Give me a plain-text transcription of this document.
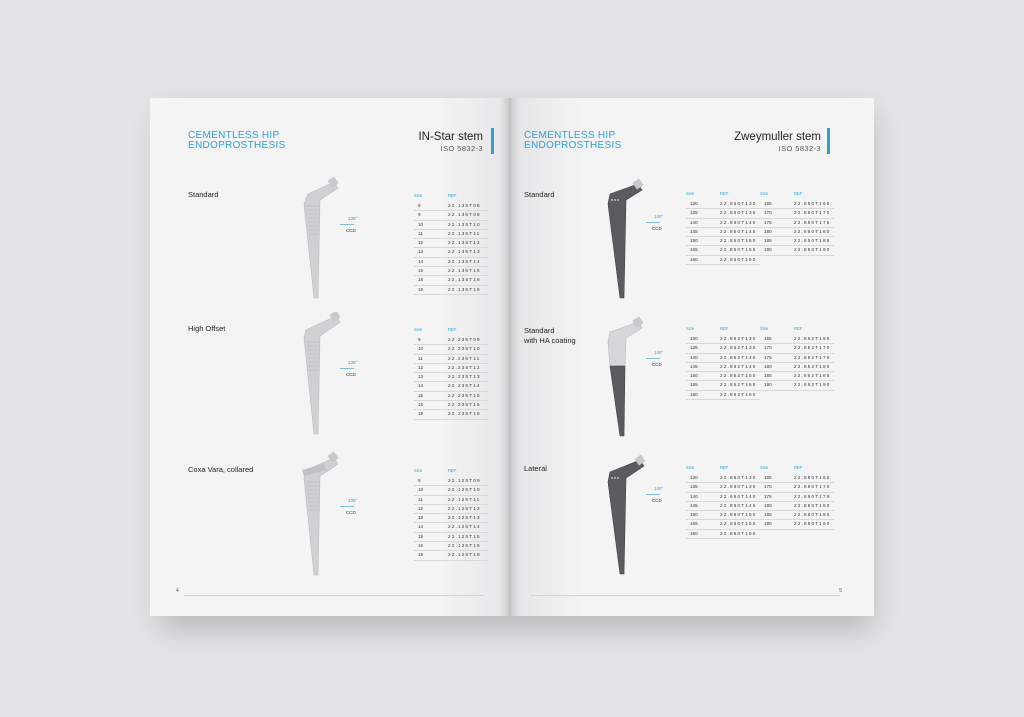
CEMENTLESS HIP
ENDOPROSTHESIS
IN-Star stem
ISO 5832-3
Standard
135°
CCD
Size	REF
8	22.135T08
9	22.135T09
10	22.135T10
11	22.135T11
12	22.135T12
13	22.135T13
14	22.135T14
15	22.135T15
16	22.135T16
18	22.135T18
High Offset
135°
CCD
Size	REF
9	22.235T09
10	22.235T10
11	22.235T11
12	22.235T12
13	22.235T13
14	22.235T14
15	22.235T15
16	22.235T16
18	22.235T18
Coxa Vara, collared
135°
CCD
Size	REF
9	22.125T09
10	22.125T10
11	22.125T11
12	22.125T12
13	22.125T13
14	22.125T14
15	22.125T15
16	22.125T16
18	22.125T18
4
CEMENTLESS HIP
ENDOPROSTHESIS
Zweymuller stem
ISO 5832-3
Standard
130°
CCD
Size	REF
130	22.850T130
135	22.850T135
140	22.850T140
145	22.850T145
150	22.850T150
155	22.850T155
160	22.850T160
Size	REF
165	22.850T165
170	22.850T170
175	22.850T175
180	22.850T180
185	22.850T185
190	22.850T190
Standard
with HA coating
130°
CCD
Size	REF
130	22.852T130
135	22.852T135
140	22.852T140
145	22.852T145
150	22.852T150
155	22.852T155
160	22.852T160
Size	REF
165	22.852T165
170	22.852T170
175	22.852T175
180	22.852T180
185	22.852T185
190	22.852T190
Lateral
130°
CCD
Size	REF
130	22.860T130
135	22.860T135
140	22.860T140
145	22.860T145
150	22.860T150
155	22.860T155
160	22.860T160
Size	REF
165	22.860T165
170	22.860T170
175	22.860T175
180	22.860T180
185	22.860T185
190	22.860T190
5
